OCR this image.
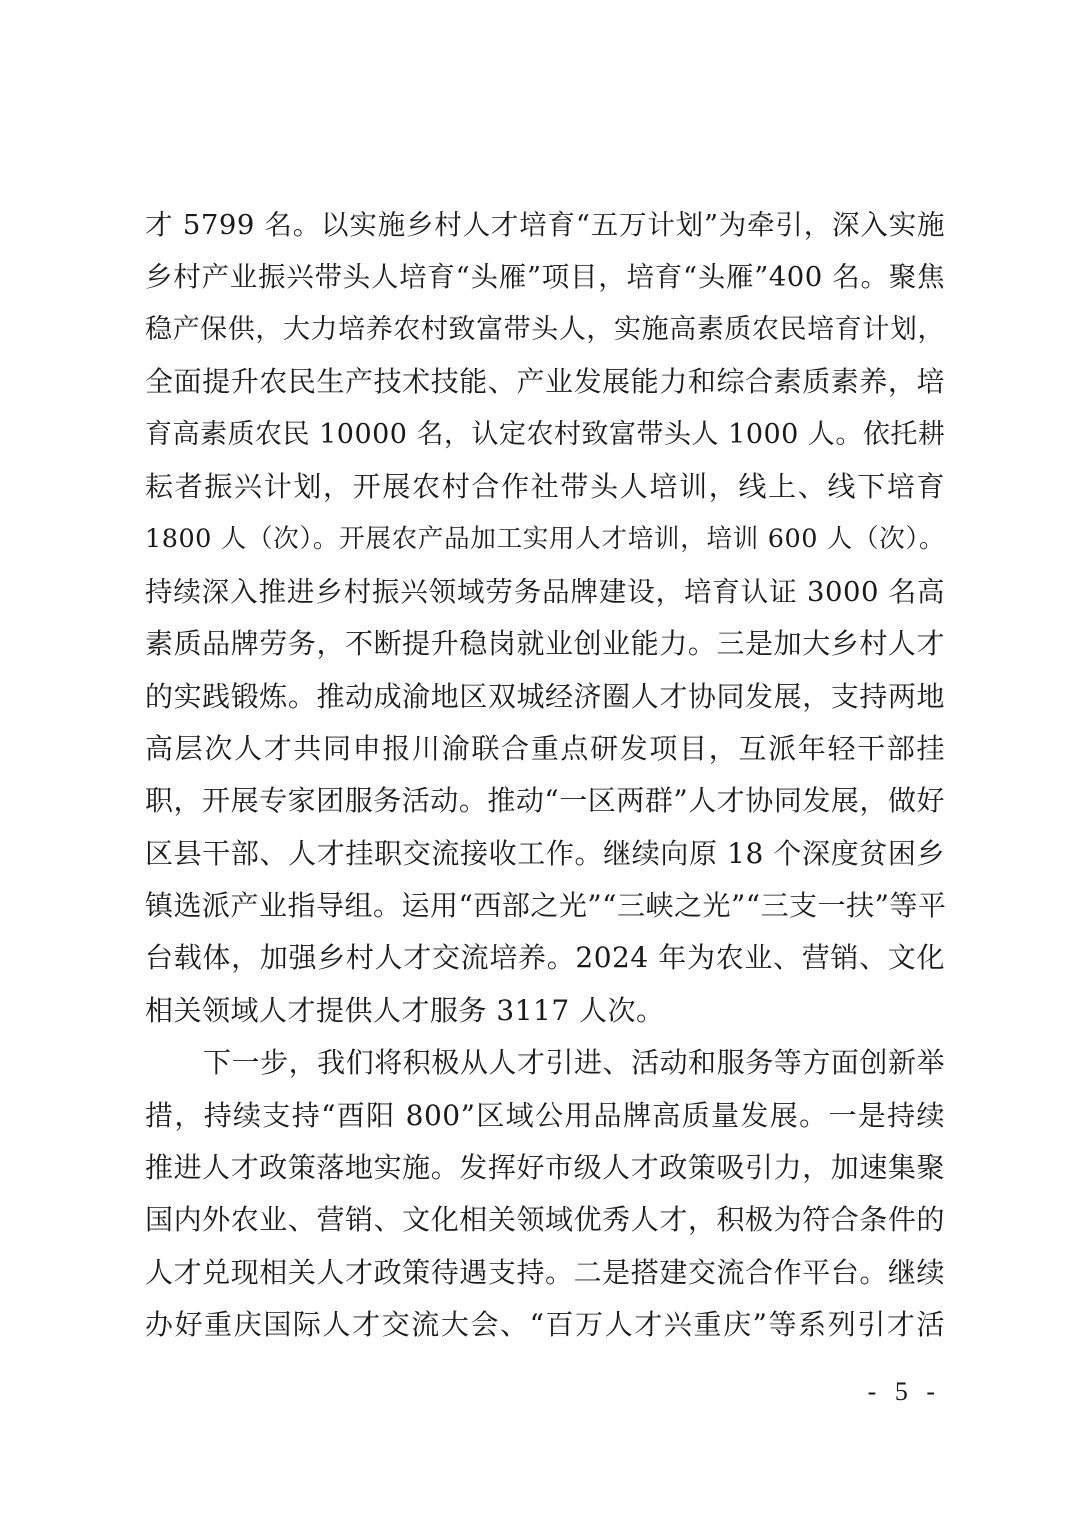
才 5799 名。以实施乡村人才培育“五万计划”为牵引，深入实施
乡村产业振兴带头人培育“头雁”项目，培育“头雁”400 名。聚焦
稳产保供，大力培养农村致富带头人，实施高素质农民培育计划，
全面提升农民生产技术技能、产业发展能力和综合素质素养，培
育高素质农民 10000 名，认定农村致富带头人 1000 人。依托耕
耘者振兴计划，开展农村合作社带头人培训，线上、线下培育
1800 人（次）。开展农产品加工实用人才培训，培训 600 人（次）。
持续深入推进乡村振兴领域劳务品牌建设，培育认证 3000 名高
素质品牌劳务，不断提升稳岗就业创业能力。三是加大乡村人才
的实践锻炼。推动成渝地区双城经济圈人才协同发展，支持两地
高层次人才共同申报川渝联合重点研发项目，互派年轻干部挂
职，开展专家团服务活动。推动“一区两群”人才协同发展，做好
区县干部、人才挂职交流接收工作。继续向原 18 个深度贫困乡
镇选派产业指导组。运用“西部之光”“三峡之光”“三支一扶”等平
台载体，加强乡村人才交流培养。2024 年为农业、营销、文化
相关领域人才提供人才服务 3117 人次。
下一步，我们将积极从人才引进、活动和服务等方面创新举
措，持续支持“酉阳 800”区域公用品牌高质量发展。一是持续
推进人才政策落地实施。发挥好市级人才政策吸引力，加速集聚
国内外农业、营销、文化相关领域优秀人才，积极为符合条件的
人才兑现相关人才政策待遇支持。二是搭建交流合作平台。继续
办好重庆国际人才交流大会、“百万人才兴重庆”等系列引才活
- 5 -
